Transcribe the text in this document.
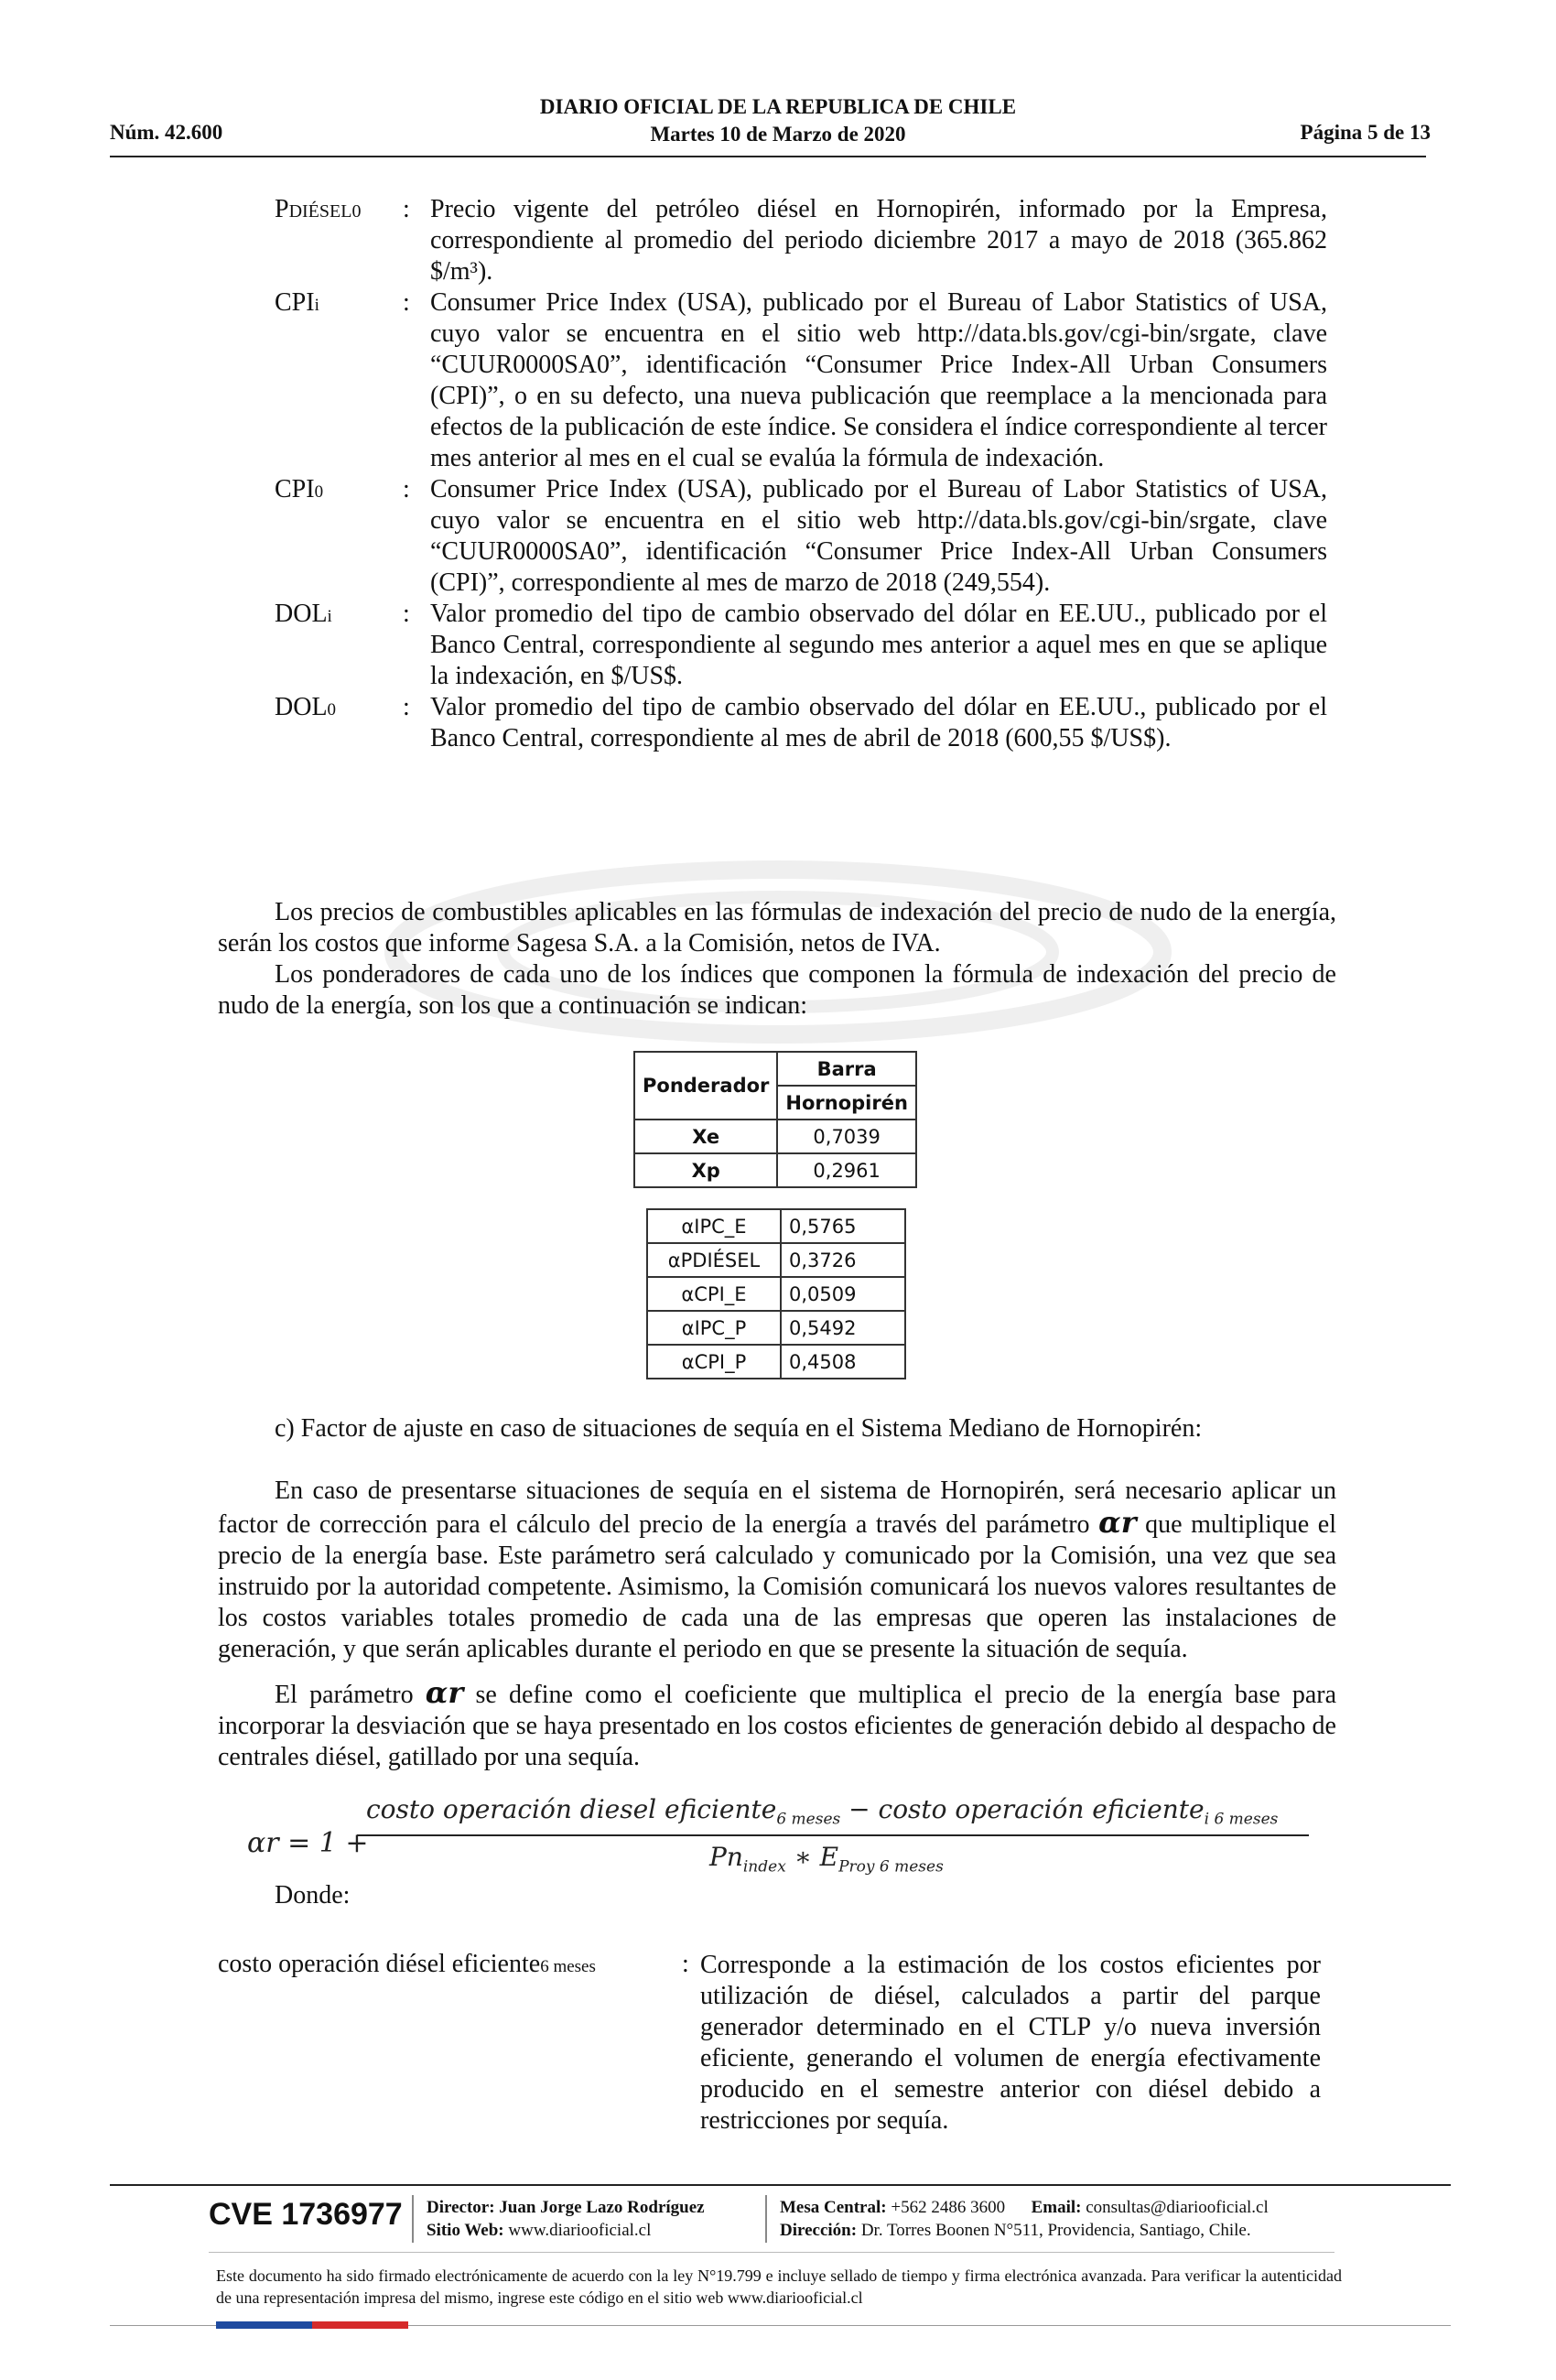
Núm. 42.600
DIARIO OFICIAL DE LA REPUBLICA DE CHILE
Martes 10 de Marzo de 2020	Página 5 de 13
PDIÉSEL0	: Precio vigente del petróleo diésel en Hornopirén, informado por la Empresa, correspondiente al promedio del periodo diciembre 2017 a mayo de 2018 (365.862 $/m³).
CPIi	: Consumer Price Index (USA), publicado por el Bureau of Labor Statistics of USA, cuyo valor se encuentra en el sitio web http://data.bls.gov/cgi-bin/srgate, clave “CUUR0000SA0”, identificación “Consumer Price Index-All Urban Consumers (CPI)”, o en su defecto, una nueva publicación que reemplace a la mencionada para efectos de la publicación de este índice. Se considera el índice correspondiente al tercer mes anterior al mes en el cual se evalúa la fórmula de indexación.
CPI0	: Consumer Price Index (USA), publicado por el Bureau of Labor Statistics of USA, cuyo valor se encuentra en el sitio web http://data.bls.gov/cgi-bin/srgate, clave “CUUR0000SA0”, identificación “Consumer Price Index-All Urban Consumers (CPI)”, correspondiente al mes de marzo de 2018 (249,554).
DOLi	: Valor promedio del tipo de cambio observado del dólar en EE.UU., publicado por el Banco Central, correspondiente al segundo mes anterior a aquel mes en que se aplique la indexación, en $/US$.
DOL0	: Valor promedio del tipo de cambio observado del dólar en EE.UU., publicado por el Banco Central, correspondiente al mes de abril de 2018 (600,55 $/US$).
Los precios de combustibles aplicables en las fórmulas de indexación del precio de nudo de la energía, serán los costos que informe Sagesa S.A. a la Comisión, netos de IVA.
Los ponderadores de cada uno de los índices que componen la fórmula de indexación del precio de nudo de la energía, son los que a continuación se indican:
Ponderador	Barra
	Hornopirén
Xe	0,7039
Xp	0,2961
αIPC_E	0,5765
αPDIÉSEL	0,3726
αCPI_E	0,0509
αIPC_P	0,5492
αCPI_P	0,4508
c) Factor de ajuste en caso de situaciones de sequía en el Sistema Mediano de Hornopirén:
En caso de presentarse situaciones de sequía en el sistema de Hornopirén, será necesario aplicar un factor de corrección para el cálculo del precio de la energía a través del parámetro αr que multiplique el precio de la energía base. Este parámetro será calculado y comunicado por la Comisión, una vez que sea instruido por la autoridad competente. Asimismo, la Comisión comunicará los nuevos valores resultantes de los costos variables totales promedio de cada una de las empresas que operen las instalaciones de generación, y que serán aplicables durante el periodo en que se presente la situación de sequía.
El parámetro αr se define como el coeficiente que multiplica el precio de la energía base para incorporar la desviación que se haya presentado en los costos eficientes de generación debido al despacho de centrales diésel, gatillado por una sequía.
αr = 1 +
costo operación diesel eficiente$_{6 meses}$ − costo operación eficiente$_{i 6 meses}$
$Pn_{index}$ ∗ $E_{Proy 6 meses}$
Donde:
costo operación diésel eficiente6 meses	: Corresponde a la estimación de los costos eficientes por utilización de diésel, calculados a partir del parque generador determinado en el CTLP y/o nueva inversión eficiente, generando el volumen de energía efectivamente producido en el semestre anterior con diésel debido a restricciones por sequía.
CVE 1736977 Director: Juan Jorge Lazo Rodríguez
Sitio Web: www.diariooficial.cl
Mesa Central: +562 2486 3600 Email: consultas@diariooficial.cl
Dirección: Dr. Torres Boonen N°511, Providencia, Santiago, Chile.
Este documento ha sido firmado electrónicamente de acuerdo con la ley N°19.799 e incluye sellado de tiempo y firma electrónica avanzada. Para verificar la autenticidad de una representación impresa del mismo, ingrese este código en el sitio web www.diariooficial.cl
